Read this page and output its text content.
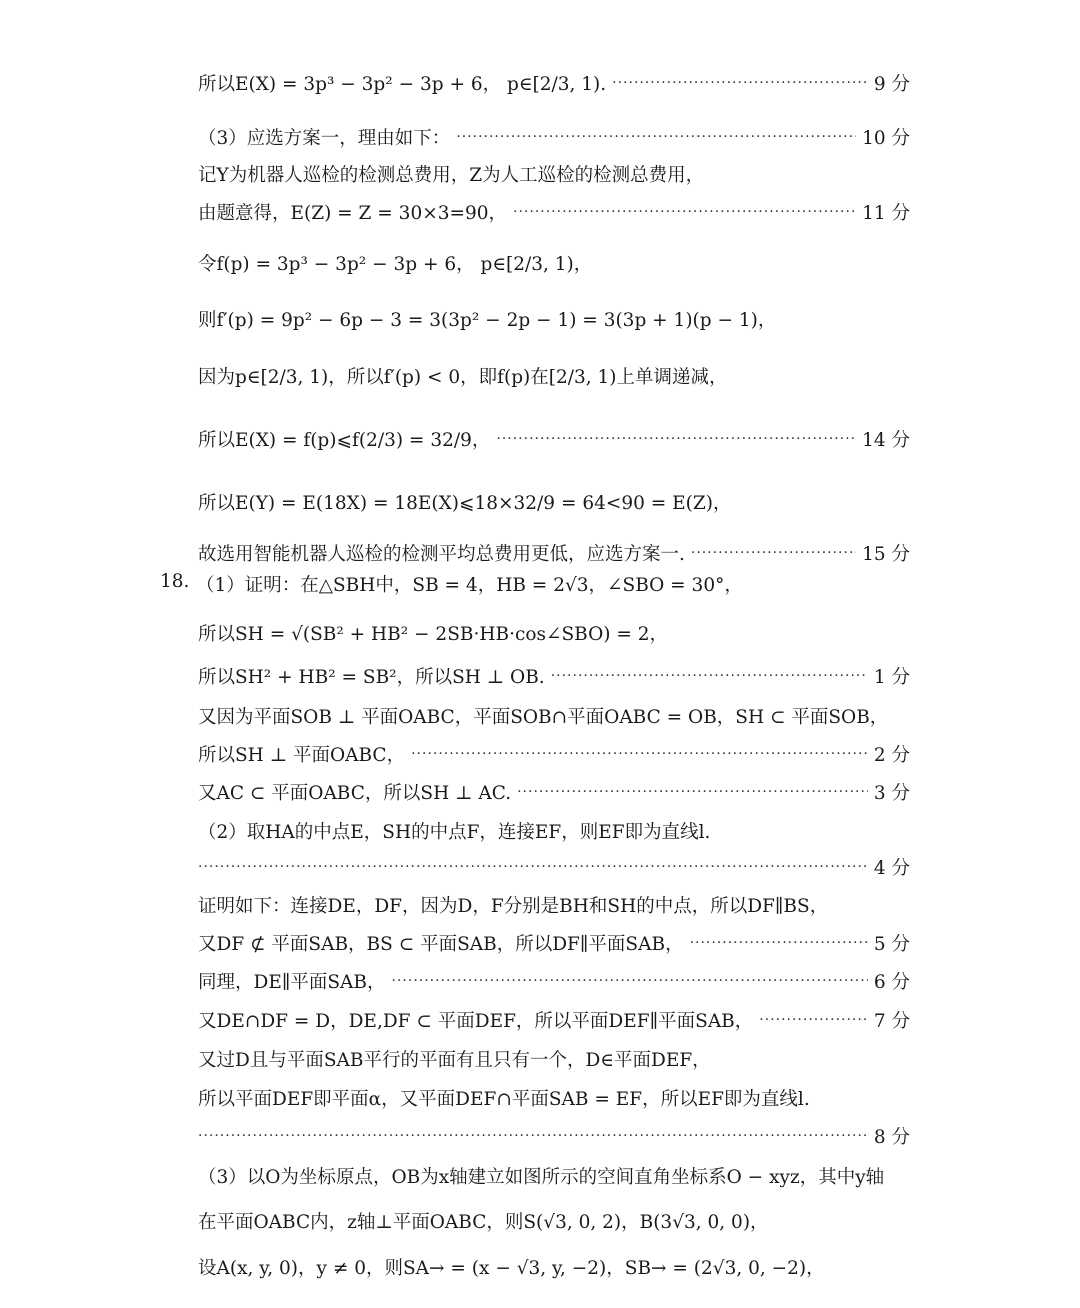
所以E(X) = 3p³ − 3p² − 3p + 6， p∈[2/3, 1). ·····	9 分
（3）应选方案一，理由如下： ·····	10 分
记Y为机器人巡检的检测总费用，Z为人工巡检的检测总费用，
由题意得，E(Z) = Z = 30×3=90， ·····	11 分
令f(p) = 3p³ − 3p² − 3p + 6， p∈[2/3, 1)，
则f′(p) = 9p² − 6p − 3 = 3(3p² − 2p − 1) = 3(3p + 1)(p − 1)，
因为p∈[2/3, 1)，所以f′(p) < 0，即f(p)在[2/3, 1)上单调递减，
所以E(X) = f(p)⩽f(2/3) = 32/9， ·····	14 分
所以E(Y) = E(18X) = 18E(X)⩽18×32/9 = 64<90 = E(Z)，
故选用智能机器人巡检的检测平均总费用更低，应选方案一. ·····	15 分
18. （1）证明：在△SBH中，SB = 4，HB = 2√3，∠SBO = 30°，
所以SH = √(SB² + HB² − 2SB·HB·cos∠SBO) = 2，
所以SH² + HB² = SB²，所以SH ⊥ OB. ·····	1 分
又因为平面SOB ⊥ 平面OABC，平面SOB∩平面OABC = OB，SH ⊂ 平面SOB，
所以SH ⊥ 平面OABC， ·····	2 分
又AC ⊂ 平面OABC，所以SH ⊥ AC. ·····	3 分
（2）取HA的中点E，SH的中点F，连接EF，则EF即为直线l.
·····
4 分
证明如下：连接DE，DF，因为D，F分别是BH和SH的中点，所以DF∥BS，
又DF ⊄ 平面SAB，BS ⊂ 平面SAB，所以DF∥平面SAB， ·····	5 分
同理，DE∥平面SAB， ·····	6 分
又DE∩DF = D，DE,DF ⊂ 平面DEF，所以平面DEF∥平面SAB， ·····	7 分
又过D且与平面SAB平行的平面有且只有一个，D∈平面DEF，
所以平面DEF即平面α，又平面DEF∩平面SAB = EF，所以EF即为直线l.
·····
8 分
（3）以O为坐标原点，OB为x轴建立如图所示的空间直角坐标系O − xyz，其中y轴
在平面OABC内，z轴⊥平面OABC，则S(√3, 0, 2)，B(3√3, 0, 0)，
设A(x, y, 0)，y ≠ 0，则SA→ = (x − √3, y, −2)，SB→ = (2√3, 0, −2)，
